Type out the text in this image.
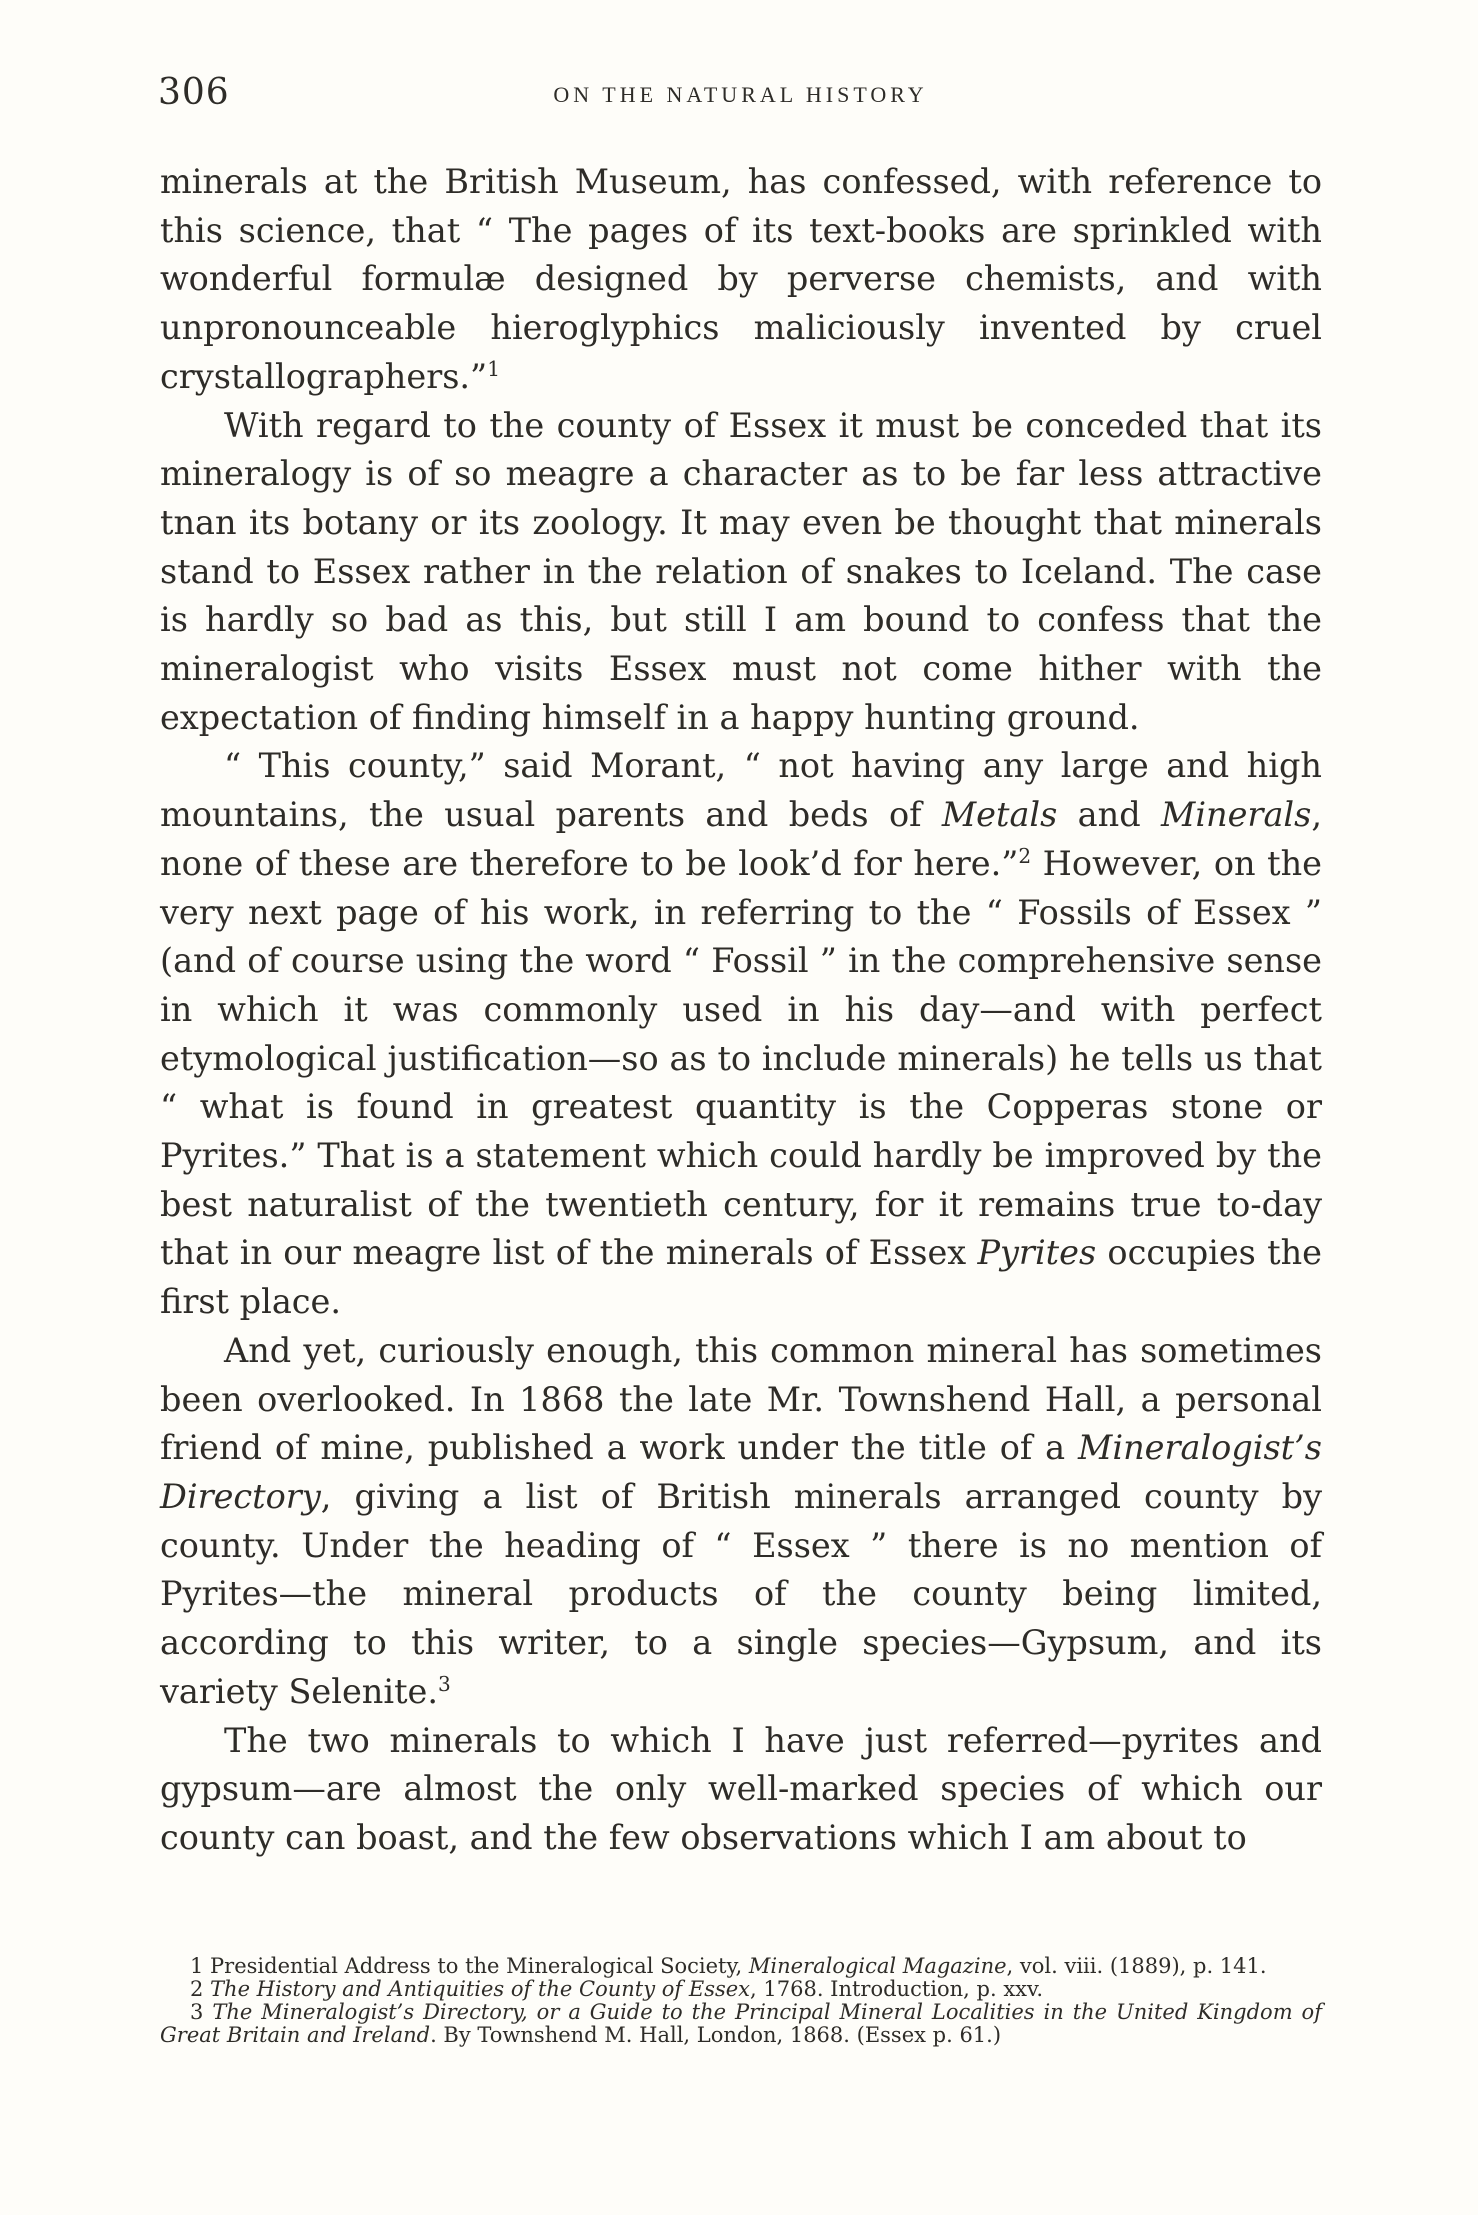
306	ON THE NATURAL HISTORY

minerals at the British Museum, has confessed, with reference to this science, that “ The pages of its text-books are sprinkled with wonderful formulæ designed by perverse chemists, and with unpronounceable hieroglyphics maliciously invented by cruel crystallographers.”$^1$

With regard to the county of Essex it must be conceded that its mineralogy is of so meagre a character as to be far less attractive tnan its botany or its zoology. It may even be thought that minerals stand to Essex rather in the relation of snakes to Iceland. The case is hardly so bad as this, but still I am bound to confess that the mineralogist who visits Essex must not come hither with the expectation of finding himself in a happy hunting ground.

“ This county,” said Morant, “ not having any large and high mountains, the usual parents and beds of Metals and Minerals, none of these are therefore to be look’d for here.”$^2$ However, on the very next page of his work, in referring to the “ Fossils of Essex ” (and of course using the word “ Fossil ” in the comprehensive sense in which it was commonly used in his day—and with perfect etymological justification—so as to include minerals) he tells us that “ what is found in greatest quantity is the Copperas stone or Pyrites.” That is a statement which could hardly be improved by the best naturalist of the twentieth century, for it remains true to-day that in our meagre list of the minerals of Essex Pyrites occupies the first place.

And yet, curiously enough, this common mineral has sometimes been overlooked. In 1868 the late Mr. Townshend Hall, a personal friend of mine, published a work under the title of a Mineralogist’s Directory, giving a list of British minerals arranged county by county. Under the heading of “ Essex ” there is no mention of Pyrites—the mineral products of the county being limited, according to this writer, to a single species—Gypsum, and its variety Selenite.$^3$

The two minerals to which I have just referred—pyrites and gypsum—are almost the only well-marked species of which our county can boast, and the few observations which I am about to

1 Presidential Address to the Mineralogical Society, Mineralogical Magazine, vol. viii. (1889), p. 141.

2 The History and Antiquities of the County of Essex, 1768. Introduction, p. xxv.

3 The Mineralogist’s Directory, or a Guide to the Principal Mineral Localities in the United Kingdom of Great Britain and Ireland. By Townshend M. Hall, London, 1868. (Essex p. 61.)
